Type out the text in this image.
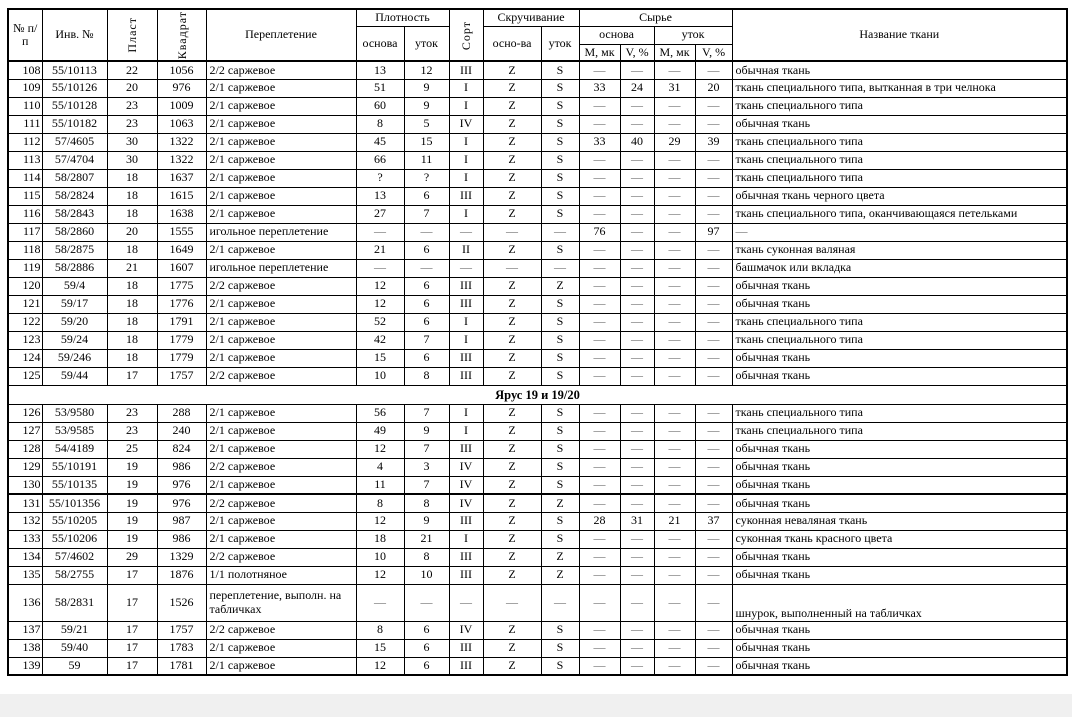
№ п/п	Инв. №	Пласт	Квадрат	Переплетение	Плотность		Сорт	Скручивание		Сырье				Название ткани
					основа	уток		осно-ва	уток	основа		уток		
										М, мк	V, %	М, мк	V, %	
108	55/10113	22	1056	2/2 саржевое	13	12	III	Z	S	—	—	—	—	обычная ткань
109	55/10126	20	976	2/1 саржевое	51	9	I	Z	S	33	24	31	20	ткань специального типа, вытканная в три челнока
110	55/10128	23	1009	2/1 саржевое	60	9	I	Z	S	—	—	—	—	ткань специального типа
111	55/10182	23	1063	2/1 саржевое	8	5	IV	Z	S	—	—	—	—	обычная ткань
112	57/4605	30	1322	2/1 саржевое	45	15	I	Z	S	33	40	29	39	ткань специального типа
113	57/4704	30	1322	2/1 саржевое	66	11	I	Z	S	—	—	—	—	ткань специального типа
114	58/2807	18	1637	2/1 саржевое	?	?	I	Z	S	—	—	—	—	ткань специального типа
115	58/2824	18	1615	2/1 саржевое	13	6	III	Z	S	—	—	—	—	обычная ткань черного цвета
116	58/2843	18	1638	2/1 саржевое	27	7	I	Z	S	—	—	—	—	ткань специального типа, оканчивающаяся петельками
117	58/2860	20	1555	игольное переплетение	—	—	—	—	—	76	—	—	97	—
118	58/2875	18	1649	2/1 саржевое	21	6	II	Z	S	—	—	—	—	ткань суконная валяная
119	58/2886	21	1607	игольное переплетение	—	—	—	—	—	—	—	—	—	башмачок или вкладка
120	59/4	18	1775	2/2 саржевое	12	6	III	Z	Z	—	—	—	—	обычная ткань
121	59/17	18	1776	2/1 саржевое	12	6	III	Z	S	—	—	—	—	обычная ткань
122	59/20	18	1791	2/1 саржевое	52	6	I	Z	S	—	—	—	—	ткань специального типа
123	59/24	18	1779	2/1 саржевое	42	7	I	Z	S	—	—	—	—	ткань специального типа
124	59/246	18	1779	2/1 саржевое	15	6	III	Z	S	—	—	—	—	обычная ткань
125	59/44	17	1757	2/2 саржевое	10	8	III	Z	S	—	—	—	—	обычная ткань
Ярус 19 и 19/20														
126	53/9580	23	288	2/1 саржевое	56	7	I	Z	S	—	—	—	—	ткань специального типа
127	53/9585	23	240	2/1 саржевое	49	9	I	Z	S	—	—	—	—	ткань специального типа
128	54/4189	25	824	2/1 саржевое	12	7	III	Z	S	—	—	—	—	обычная ткань
129	55/10191	19	986	2/2 саржевое	4	3	IV	Z	S	—	—	—	—	обычная ткань
130	55/10135	19	976	2/1 саржевое	11	7	IV	Z	S	—	—	—	—	обычная ткань
131	55/101356	19	976	2/2 саржевое	8	8	IV	Z	Z	—	—	—	—	обычная ткань
132	55/10205	19	987	2/1 саржевое	12	9	III	Z	S	28	31	21	37	суконная неваляная ткань
133	55/10206	19	986	2/1 саржевое	18	21	I	Z	S	—	—	—	—	суконная ткань красного цвета
134	57/4602	29	1329	2/2 саржевое	10	8	III	Z	Z	—	—	—	—	обычная ткань
135	58/2755	17	1876	1/1 полотняное	12	10	III	Z	Z	—	—	—	—	обычная ткань
136	58/2831	17	1526	переплетение, выполн. на табличках	—	—	—	—	—	—	—	—	—	шнурок, выполненный на табличках
137	59/21	17	1757	2/2 саржевое	8	6	IV	Z	S	—	—	—	—	обычная ткань
138	59/40	17	1783	2/1 саржевое	15	6	III	Z	S	—	—	—	—	обычная ткань
139	59	17	1781	2/1 саржевое	12	6	III	Z	S	—	—	—	—	обычная ткань
